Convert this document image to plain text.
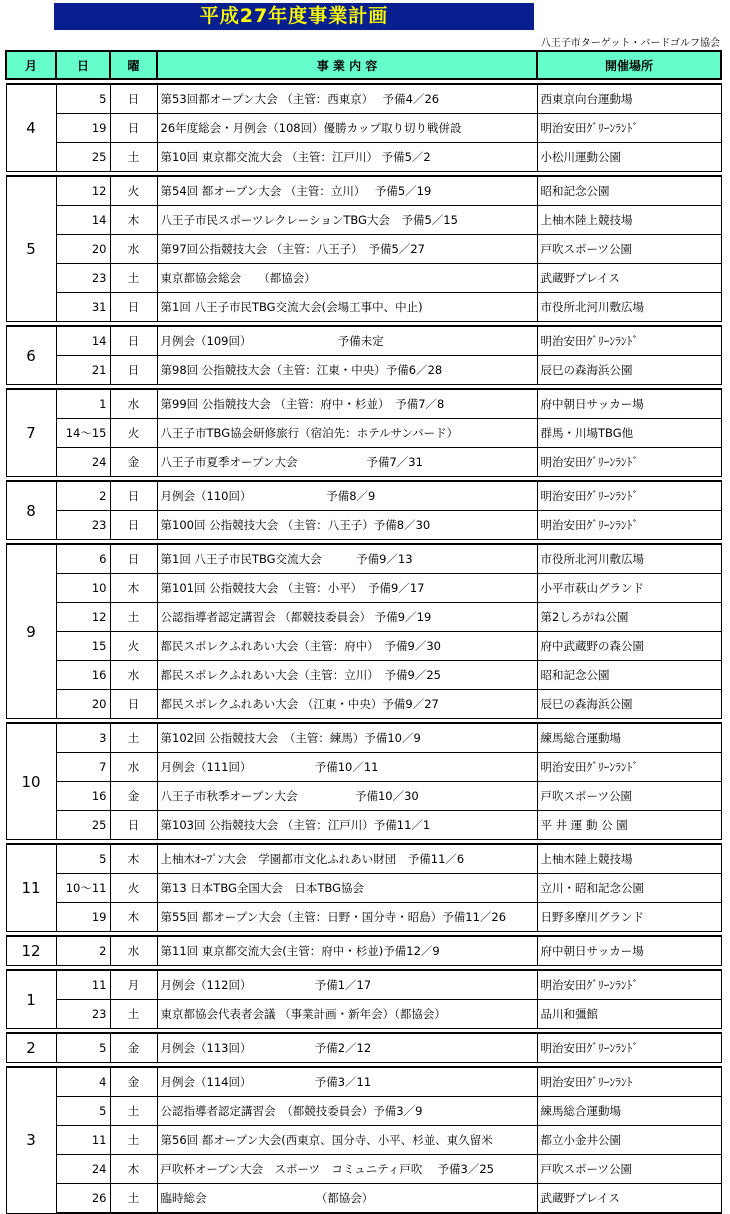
平成27年度事業計画
八王子市ターゲット・バードゴルフ協会
月	日	曜	事 業 内 容	開催場所

4	5	日	第53回都オープン大会 （主管：西東京）　 予備4／26	西東京向台運動場
	19	日	26年度総会・月例会（108回）優勝カップ取り切り戦併設	明治安田ｸﾞﾘｰﾝﾗﾝﾄﾞ
	25	土	第10回 東京都交流大会 （主管：江戸川） 予備5／2	小松川運動公園

5	12	火	第54回 都オープン大会 （主管：立川）　 予備5／19	昭和記念公園
	14	木	八王子市民スポーツレクレーションTBG大会　予備5／15	上柚木陸上競技場
	20	水	第97回公指競技大会 （主管：八王子）　予備5／27	戸吹スポーツ公園
	23	土	東京都協会総会　　（都協会）	武蔵野プレイス
	31	日	第1回 八王子市民TBG交流大会(会場工事中、中止)	市役所北河川敷広場

6	14	日	月例会（109回）　　　　　　　　予備未定	明治安田ｸﾞﾘｰﾝﾗﾝﾄﾞ
	21	日	第98回 公指競技大会（主管：江東・中央）予備6／28	辰巳の森海浜公園

7	1	水	第99回 公指競技大会 （主管：府中・杉並）　予備7／8	府中朝日サッカー場
	14～15	火	八王子市TBG協会研修旅行（宿泊先：ホテルサンバード）	群馬・川場TBG他
	24	金	八王子市夏季オープン大会　　　　　　予備7／31	明治安田ｸﾞﾘｰﾝﾗﾝﾄﾞ

8	2	日	月例会（110回）　　　　　　　予備8／9	明治安田ｸﾞﾘｰﾝﾗﾝﾄﾞ
	23	日	第100回 公指競技大会 （主管：八王子）予備8／30	明治安田ｸﾞﾘｰﾝﾗﾝﾄﾞ

9	6	日	第1回 八王子市民TBG交流大会　　　予備9／13	市役所北河川敷広場
	10	木	第101回 公指競技大会 （主管：小平）　予備9／17	小平市萩山グランド
	12	土	公認指導者認定講習会 （都競技委員会） 予備9／19	第2しろがね公園
	15	火	都民スポレクふれあい大会（主管：府中）　予備9／30	府中武蔵野の森公園
	16	水	都民スポレクふれあい大会（主管：立川）　予備9／25	昭和記念公園
	20	日	都民スポレクふれあい大会 （江東・中央）予備9／27	辰巳の森海浜公園

10	3	土	第102回 公指競技大会　（主管：練馬）予備10／9	練馬総合運動場
	7	水	月例会（111回）　　　　　　予備10／11	明治安田ｸﾞﾘｰﾝﾗﾝﾄﾞ
	16	金	八王子市秋季オープン大会　　　　　予備10／30	戸吹スポーツ公園
	25	日	第103回 公指競技大会 （主管：江戸川）予備11／1	平 井 運 動 公 園

11	5	木	上柚木ｵｰﾌﾟﾝ大会　学園都市文化ふれあい財団　予備11／6	上柚木陸上競技場
	10～11	火	第13 日本TBG全国大会　日本TBG協会	立川・昭和記念公園
	19	木	第55回 都オープン大会（主管：日野・国分寺・昭島）予備11／26	日野多摩川グランド

12	2	水	第11回 東京都交流大会(主管：府中・杉並)予備12／9	府中朝日サッカー場

1	11	月	月例会（112回）　　　　　　予備1／17	明治安田ｸﾞﾘｰﾝﾗﾝﾄﾞ
	23	土	東京都協会代表者会議 （事業計画・新年会）（都協会）	品川和彊館

2	5	金	月例会（113回）　　　　　　予備2／12	明治安田ｸﾞﾘｰﾝﾗﾝﾄﾞ

3	4	金	月例会（114回）　　　　　　予備3／11	明治安田ｸﾞﾘｰﾝﾗﾝﾄ
	5	土	公認指導者認定講習会　（都競技委員会）予備3／9	練馬総合運動場
	11	土	第56回 都オープン大会(西東京、国分寺、小平、杉並、東久留米	都立小金井公園
	24	木	戸吹杯オープン大会　スポーツ　コミュニティ戸吹　 予備3／25	戸吹スポーツ公園
	26	土	臨時総会　　　　　　　　　　（都協会）	武蔵野プレイス
